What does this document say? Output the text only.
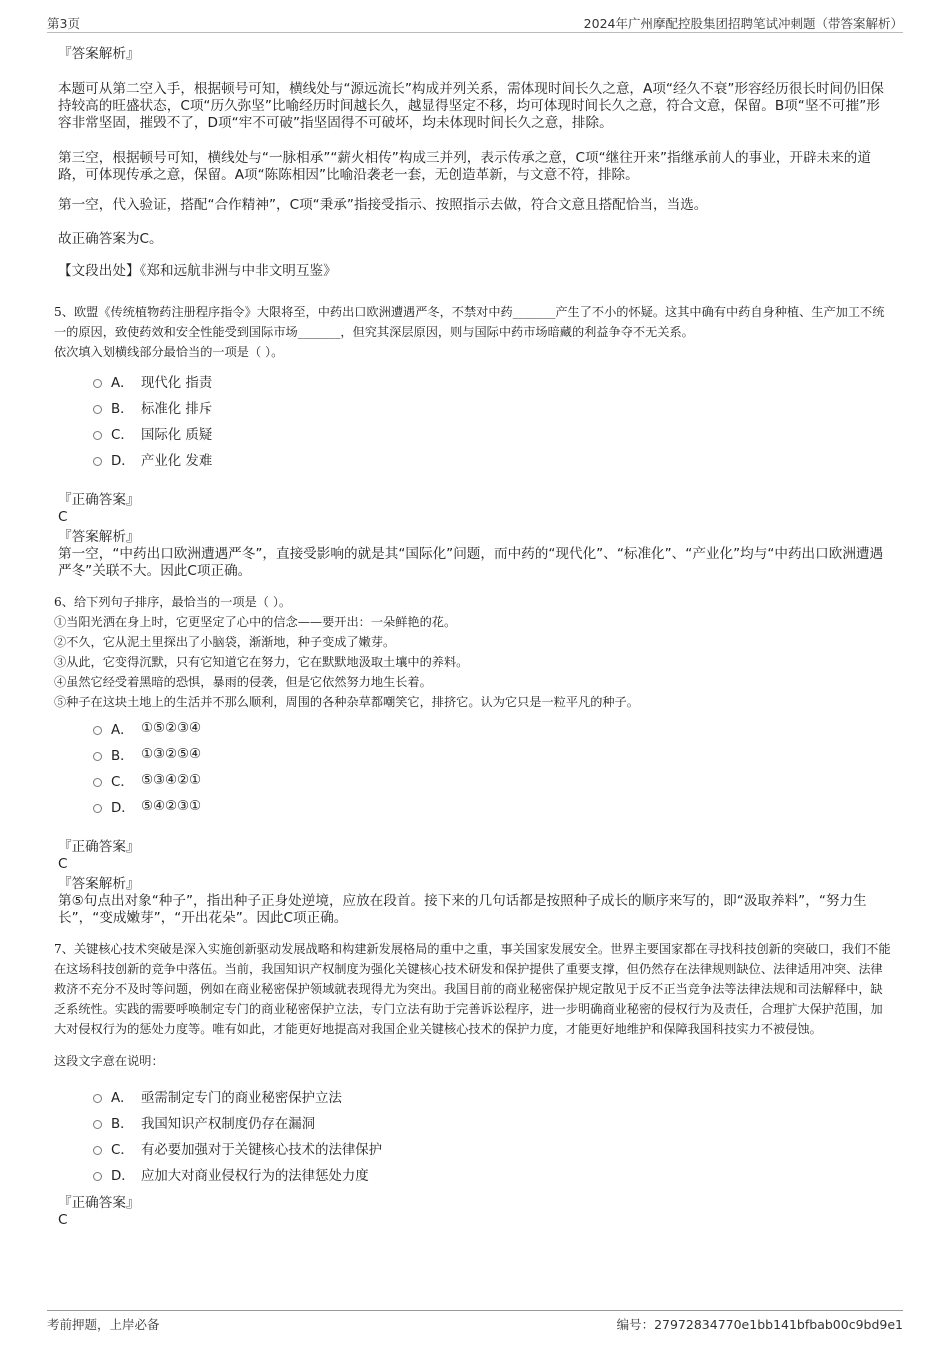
第3页	2024年广州摩配控股集团招聘笔试冲刺题（带答案解析）
『答案解析』

本题可从第二空入手，根据顿号可知，横线处与“源远流长”构成并列关系，需体现时间长久之意，A项“经久不衰”形容经历很长时间仍旧保持较高的旺盛状态，C项“历久弥坚”比喻经历时间越长久，越显得坚定不移，均可体现时间长久之意，符合文意，保留。B项“坚不可摧”形容非常坚固，摧毁不了，D项“牢不可破”指坚固得不可破坏，均未体现时间长久之意，排除。

第三空，根据顿号可知，横线处与“一脉相承”“薪火相传”构成三并列，表示传承之意，C项“继往开来”指继承前人的事业，开辟未来的道路，可体现传承之意，保留。A项“陈陈相因”比喻沿袭老一套，无创造革新，与文意不符，排除。

第一空，代入验证，搭配“合作精神”，C项“秉承”指接受指示、按照指示去做，符合文意且搭配恰当，当选。

故正确答案为C。

【文段出处】《郑和远航非洲与中非文明互鉴》

5、欧盟《传统植物药注册程序指令》大限将至，中药出口欧洲遭遇严冬，不禁对中药_______产生了不小的怀疑。这其中确有中药自身种植、生产加工不统一的原因，致使药效和安全性能受到国际市场_______，但究其深层原因，则与国际中药市场暗藏的利益争夺不无关系。

依次填入划横线部分最恰当的一项是（ ）。

A． 现代化 指责
B． 标准化 排斥
C． 国际化 质疑
D． 产业化 发难
『正确答案』
C
『答案解析』

第一空，“中药出口欧洲遭遇严冬”，直接受影响的就是其“国际化”问题，而中药的“现代化”、“标准化”、“产业化”均与“中药出口欧洲遭遇严冬”关联不大。因此C项正确。

6、给下列句子排序，最恰当的一项是（ ）。

①当阳光洒在身上时，它更坚定了心中的信念——要开出：一朵鲜艳的花。

②不久，它从泥土里探出了小脑袋，渐渐地，种子变成了嫩芽。

③从此，它变得沉默，只有它知道它在努力，它在默默地汲取土壤中的养料。

④虽然它经受着黑暗的恐惧，暴雨的侵袭，但是它依然努力地生长着。

⑤种子在这块土地上的生活并不那么顺利，周围的各种杂草都嘲笑它，排挤它。认为它只是一粒平凡的种子。

A． ①⑤②③④
B． ①③②⑤④
C． ⑤③④②①
D． ⑤④②③①
『正确答案』
C
『答案解析』

第⑤句点出对象“种子”，指出种子正身处逆境，应放在段首。接下来的几句话都是按照种子成长的顺序来写的，即“汲取养料”，“努力生长”，“变成嫩芽”，“开出花朵”。因此C项正确。

7、关键核心技术突破是深入实施创新驱动发展战略和构建新发展格局的重中之重，事关国家发展安全。世界主要国家都在寻找科技创新的突破口，我们不能在这场科技创新的竞争中落伍。当前，我国知识产权制度为强化关键核心技术研发和保护提供了重要支撑，但仍然存在法律规则缺位、法律适用冲突、法律救济不充分不及时等问题，例如在商业秘密保护领域就表现得尤为突出。我国目前的商业秘密保护规定散见于反不正当竞争法等法律法规和司法解释中，缺乏系统性。实践的需要呼唤制定专门的商业秘密保护立法，专门立法有助于完善诉讼程序，进一步明确商业秘密的侵权行为及责任，合理扩大保护范围，加大对侵权行为的惩处力度等。唯有如此，才能更好地提高对我国企业关键核心技术的保护力度，才能更好地维护和保障我国科技实力不被侵蚀。

这段文字意在说明：

A． 亟需制定专门的商业秘密保护立法
B． 我国知识产权制度仍存在漏洞
C． 有必要加强对于关键核心技术的法律保护
D． 应加大对商业侵权行为的法律惩处力度
『正确答案』
C
考前押题，上岸必备	编号：27972834770e1bb141bfbab00c9bd9e1
